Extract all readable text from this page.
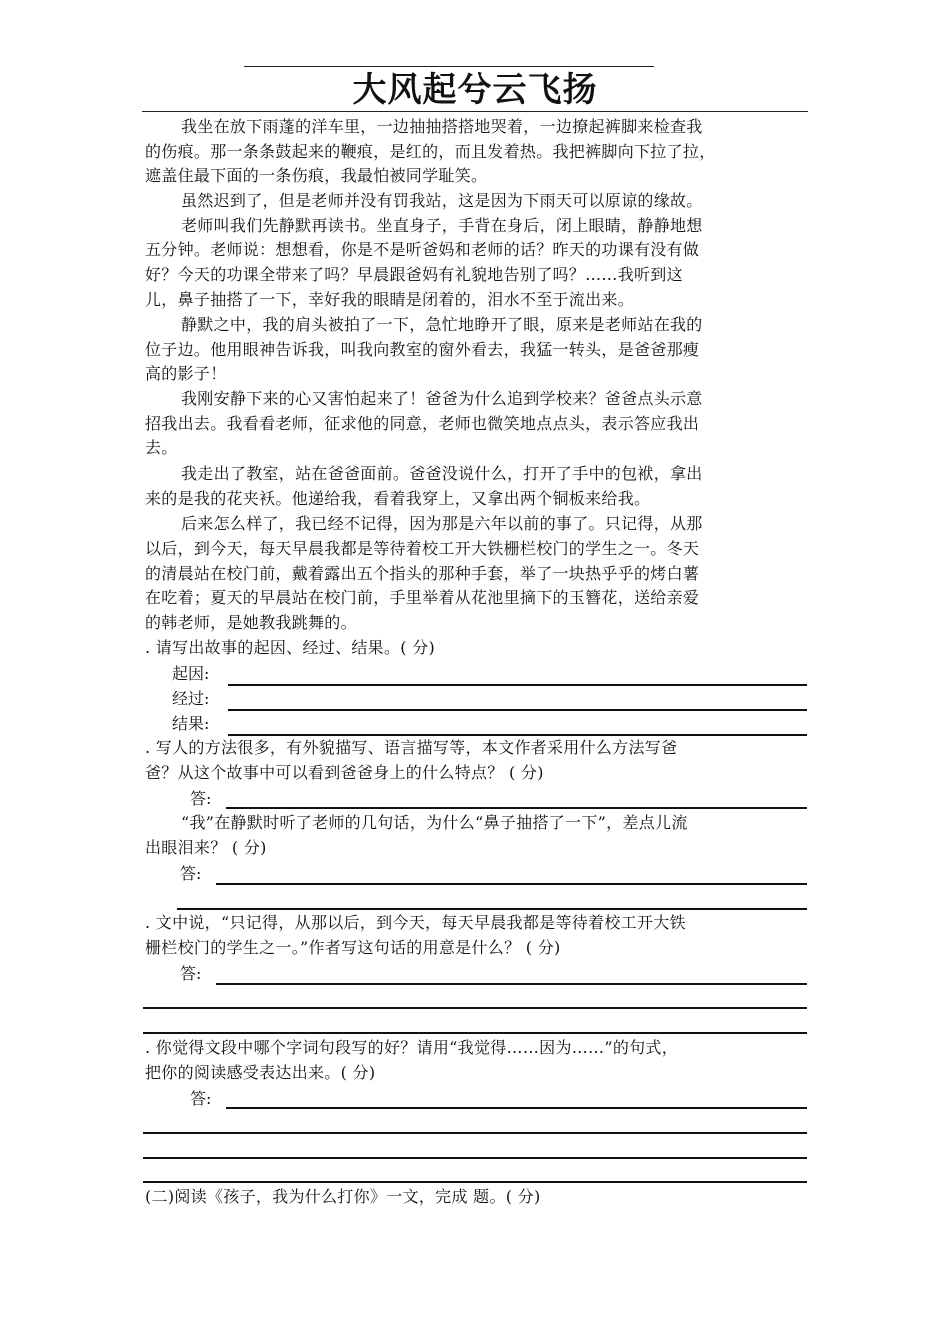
大风起兮云飞扬
我坐在放下雨蓬的洋车里，一边抽抽搭搭地哭着，一边撩起裤脚来检查我
的伤痕。那一条条鼓起来的鞭痕，是红的，而且发着热。我把裤脚向下拉了拉，
遮盖住最下面的一条伤痕，我最怕被同学耻笑。
虽然迟到了，但是老师并没有罚我站，这是因为下雨天可以原谅的缘故。
老师叫我们先静默再读书。坐直身子，手背在身后，闭上眼睛，静静地想
五分钟。老师说：想想看，你是不是听爸妈和老师的话？昨天的功课有没有做
好？今天的功课全带来了吗？早晨跟爸妈有礼貌地告别了吗？……我听到这
儿，鼻子抽搭了一下，幸好我的眼睛是闭着的，泪水不至于流出来。
静默之中，我的肩头被拍了一下，急忙地睁开了眼，原来是老师站在我的
位子边。他用眼神告诉我，叫我向教室的窗外看去，我猛一转头，是爸爸那瘦
高的影子！
我刚安静下来的心又害怕起来了！爸爸为什么追到学校来？爸爸点头示意
招我出去。我看看老师，征求他的同意，老师也微笑地点点头，表示答应我出
去。
我走出了教室，站在爸爸面前。爸爸没说什么，打开了手中的包袱，拿出
来的是我的花夹袄。他递给我，看着我穿上，又拿出两个铜板来给我。
后来怎么样了，我已经不记得，因为那是六年以前的事了。只记得，从那
以后，到今天，每天早晨我都是等待着校工开大铁栅栏校门的学生之一。冬天
的清晨站在校门前，戴着露出五个指头的那种手套，举了一块热乎乎的烤白薯
在吃着；夏天的早晨站在校门前，手里举着从花池里摘下的玉簪花，送给亲爱
的韩老师，是她教我跳舞的。
. 请写出故事的起因、经过、结果。( 分)
起因:
经过:
结果:
. 写人的方法很多，有外貌描写、语言描写等，本文作者采用什么方法写爸
爸？从这个故事中可以看到爸爸身上的什么特点？ ( 分)
答:
“我”在静默时听了老师的几句话，为什么“鼻子抽搭了一下”，差点儿流
出眼泪来？ ( 分)
答:
. 文中说，“只记得，从那以后，到今天，每天早晨我都是等待着校工开大铁
栅栏校门的学生之一。”作者写这句话的用意是什么？ ( 分)
答:
. 你觉得文段中哪个字词句段写的好？请用“我觉得……因为……”的句式，
把你的阅读感受表达出来。( 分)
答:
(二)阅读《孩子，我为什么打你》一文，完成 题。( 分)
